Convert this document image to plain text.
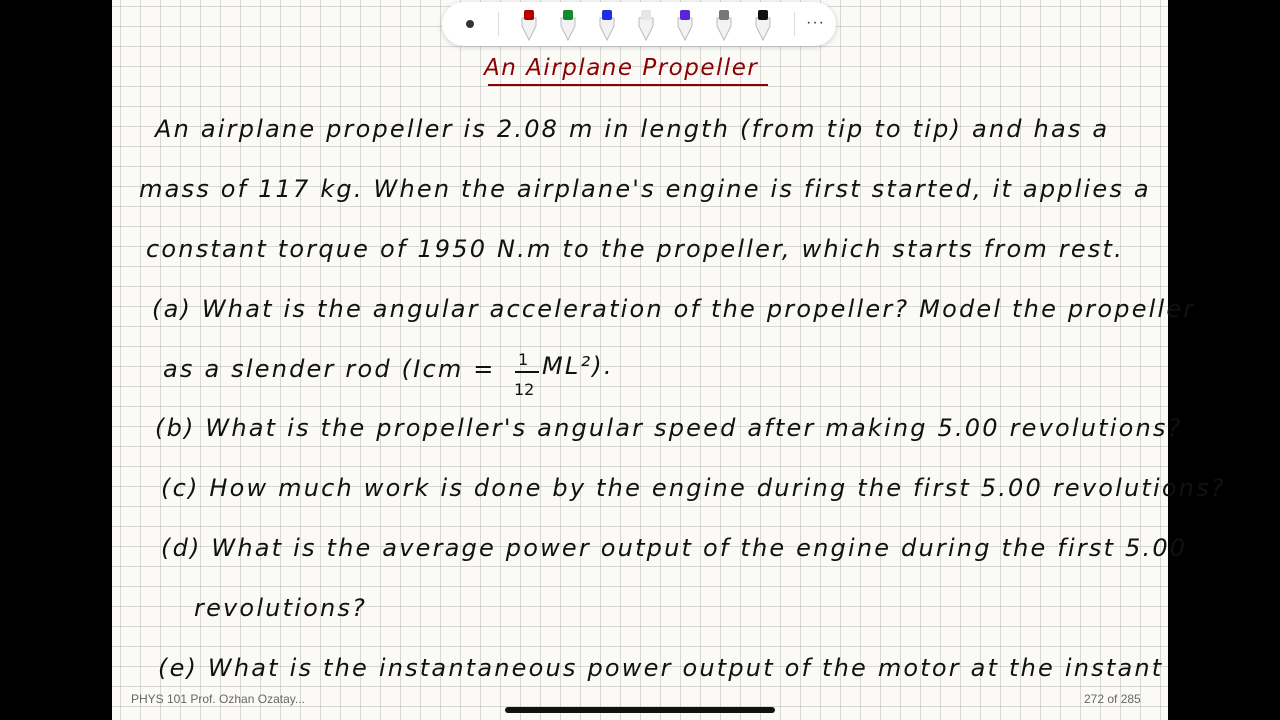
···
An Airplane Propeller
An airplane propeller is 2.08 m in length (from tip to tip) and has a
mass of 117 kg. When the airplane's engine is first started, it applies a
constant torque of 1950 N.m to the propeller, which starts from rest.
(a) What is the angular acceleration of the propeller? Model the propeller
as a slender rod (Icm = 1
12
ML²).
(b) What is the propeller's angular speed after making 5.00 revolutions?
(c) How much work is done by the engine during the first 5.00 revolutions?
(d) What is the average power output of the engine during the first 5.00
revolutions?
(e) What is the instantaneous power output of the motor at the instant
PHYS 101 Prof. Ozhan Ozatay...	272 of 285
